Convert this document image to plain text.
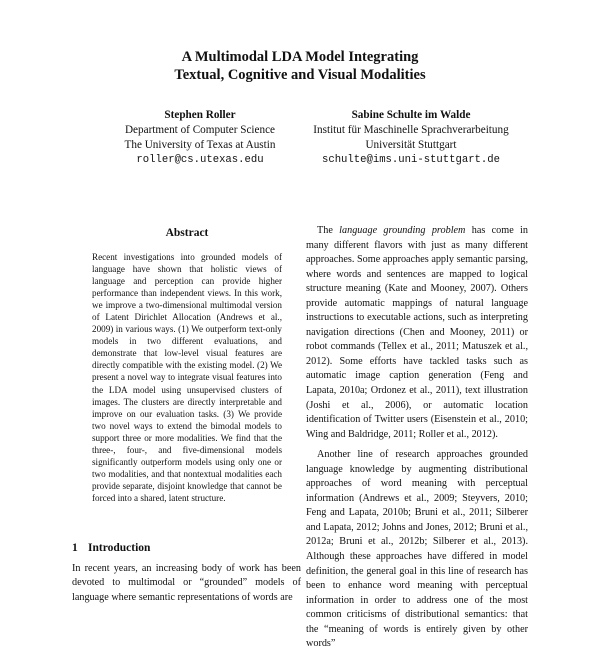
A Multimodal LDA Model Integrating
Textual, Cognitive and Visual Modalities
Stephen Roller
Department of Computer Science
The University of Texas at Austin
roller@cs.utexas.edu
Sabine Schulte im Walde
Institut für Maschinelle Sprachverarbeitung
Universität Stuttgart
schulte@ims.uni-stuttgart.de
Abstract

Recent investigations into grounded models of language have shown that holistic views of language and perception can provide higher performance than independent views. In this work, we improve a two-dimensional multimodal version of Latent Dirichlet Allocation (Andrews et al., 2009) in various ways. (1) We outperform text-only models in two different evaluations, and demonstrate that low-level visual features are directly compatible with the existing model. (2) We present a novel way to integrate visual features into the LDA model using unsupervised clusters of images. The clusters are directly interpretable and improve on our evaluation tasks. (3) We provide two novel ways to extend the bimodal models to support three or more modalities. We find that the three-, four-, and five-dimensional models significantly outperform models using only one or two modalities, and that nontextual modalities each provide separate, disjoint knowledge that cannot be forced into a shared, latent structure.

1 Introduction

In recent years, an increasing body of work has been devoted to multimodal or “grounded” models of language where semantic representations of words are

The language grounding problem has come in many different flavors with just as many different approaches. Some approaches apply semantic parsing, where words and sentences are mapped to logical structure meaning (Kate and Mooney, 2007). Others provide automatic mappings of natural language instructions to executable actions, such as interpreting navigation directions (Chen and Mooney, 2011) or robot commands (Tellex et al., 2011; Matuszek et al., 2012). Some efforts have tackled tasks such as automatic image caption generation (Feng and Lapata, 2010a; Ordonez et al., 2011), text illustration (Joshi et al., 2006), or automatic location identification of Twitter users (Eisenstein et al., 2010; Wing and Baldridge, 2011; Roller et al., 2012).

Another line of research approaches grounded language knowledge by augmenting distributional approaches of word meaning with perceptual information (Andrews et al., 2009; Steyvers, 2010; Feng and Lapata, 2010b; Bruni et al., 2011; Silberer and Lapata, 2012; Johns and Jones, 2012; Bruni et al., 2012a; Bruni et al., 2012b; Silberer et al., 2013). Although these approaches have differed in model definition, the general goal in this line of research has been to enhance word meaning with perceptual information in order to address one of the most common criticisms of distributional semantics: that the “meaning of words is entirely given by other words”
